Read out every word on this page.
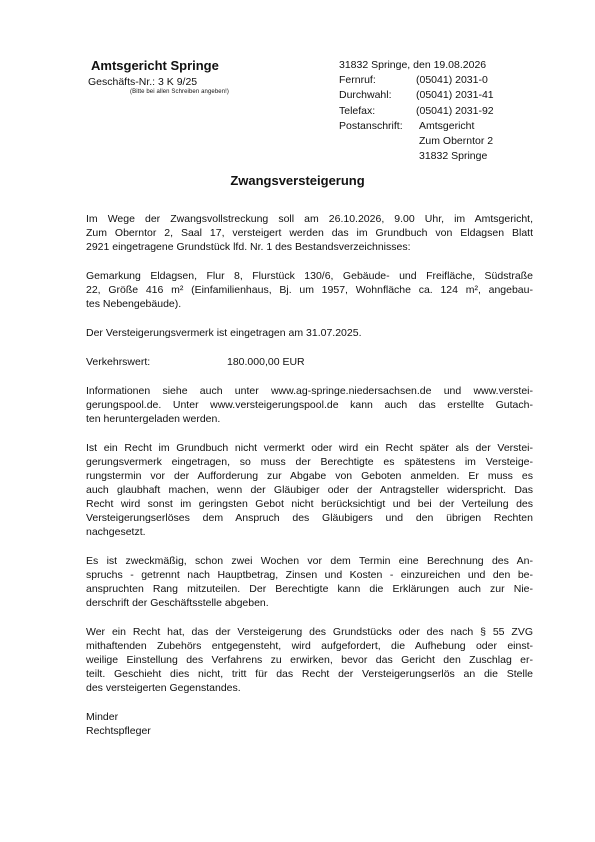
Amtsgericht Springe
Geschäfts-Nr.: 3 K 9/25
(Bitte bei allen Schreiben angeben!)
31832 Springe, den 19.08.2026
Fernruf:	(05041) 2031-0
Durchwahl:	(05041) 2031-41
Telefax:	(05041) 2031-92
Postanschrift:	Amtsgericht
Zum Oberntor 2
31832 Springe
Zwangsversteigerung
Im Wege der Zwangsvollstreckung soll am 26.10.2026, 9.00 Uhr, im Amtsgericht,
Zum Oberntor 2, Saal 17, versteigert werden das im Grundbuch von Eldagsen Blatt
2921 eingetragene Grundstück lfd. Nr. 1 des Bestandsverzeichnisses:
Gemarkung Eldagsen, Flur 8, Flurstück 130/6, Gebäude- und Freifläche, Südstraße
22, Größe 416 m² (Einfamilienhaus, Bj. um 1957, Wohnfläche ca. 124 m², angebau-
tes Nebengebäude).
Der Versteigerungsvermerk ist eingetragen am 31.07.2025.
Verkehrswert:	180.000,00 EUR
Informationen siehe auch unter www.ag-springe.niedersachsen.de und www.verstei-
gerungspool.de. Unter www.versteigerungspool.de kann auch das erstellte Gutach-
ten heruntergeladen werden.
Ist ein Recht im Grundbuch nicht vermerkt oder wird ein Recht später als der Verstei-
gerungsvermerk eingetragen, so muss der Berechtigte es spätestens im Versteige-
rungstermin vor der Aufforderung zur Abgabe von Geboten anmelden. Er muss es
auch glaubhaft machen, wenn der Gläubiger oder der Antragsteller widerspricht. Das
Recht wird sonst im geringsten Gebot nicht berücksichtigt und bei der Verteilung des
Versteigerungserlöses dem Anspruch des Gläubigers und den übrigen Rechten
nachgesetzt.
Es ist zweckmäßig, schon zwei Wochen vor dem Termin eine Berechnung des An-
spruchs - getrennt nach Hauptbetrag, Zinsen und Kosten - einzureichen und den be-
anspruchten Rang mitzuteilen. Der Berechtigte kann die Erklärungen auch zur Nie-
derschrift der Geschäftsstelle abgeben.
Wer ein Recht hat, das der Versteigerung des Grundstücks oder des nach § 55 ZVG
mithaftenden Zubehörs entgegensteht, wird aufgefordert, die Aufhebung oder einst-
weilige Einstellung des Verfahrens zu erwirken, bevor das Gericht den Zuschlag er-
teilt. Geschieht dies nicht, tritt für das Recht der Versteigerungserlös an die Stelle
des versteigerten Gegenstandes.
Minder
Rechtspfleger
